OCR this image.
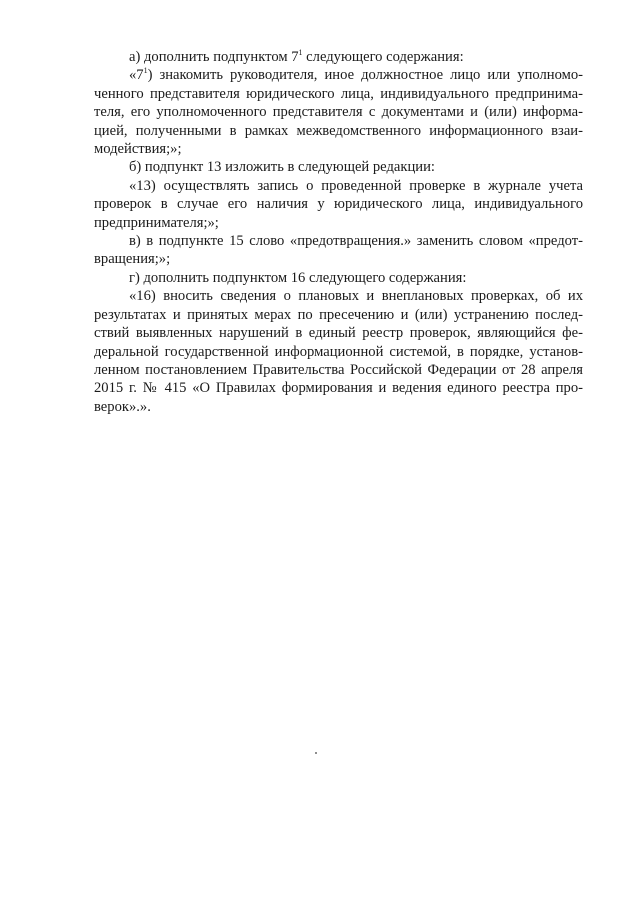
а) дополнить подпунктом $7^1$ следующего содержания:

«$7^1$) знакомить руководителя, иное должностное лицо или уполномоченного представителя юридического лица, индивидуального предпринимателя, его уполномоченного представителя с документами и (или) информацией, полученными в рамках межведомственного информационного взаимодействия;»;

б) подпункт 13 изложить в следующей редакции:

«13) осуществлять запись о проведенной проверке в журнале учета проверок в случае его наличия у юридического лица, индивидуального предпринимателя;»;

в) в подпункте 15 слово «предотвращения.» заменить словом «предотвращения;»;

г) дополнить подпунктом 16 следующего содержания:

«16) вносить сведения о плановых и внеплановых проверках, об их результатах и принятых мерах по пресечению и (или) устранению последствий выявленных нарушений в единый реестр проверок, являющийся федеральной государственной информационной системой, в порядке, установленном постановлением Правительства Российской Федерации от 28 апреля 2015 г. № 415 «О Правилах формирования и ведения единого реестра проверок».».
